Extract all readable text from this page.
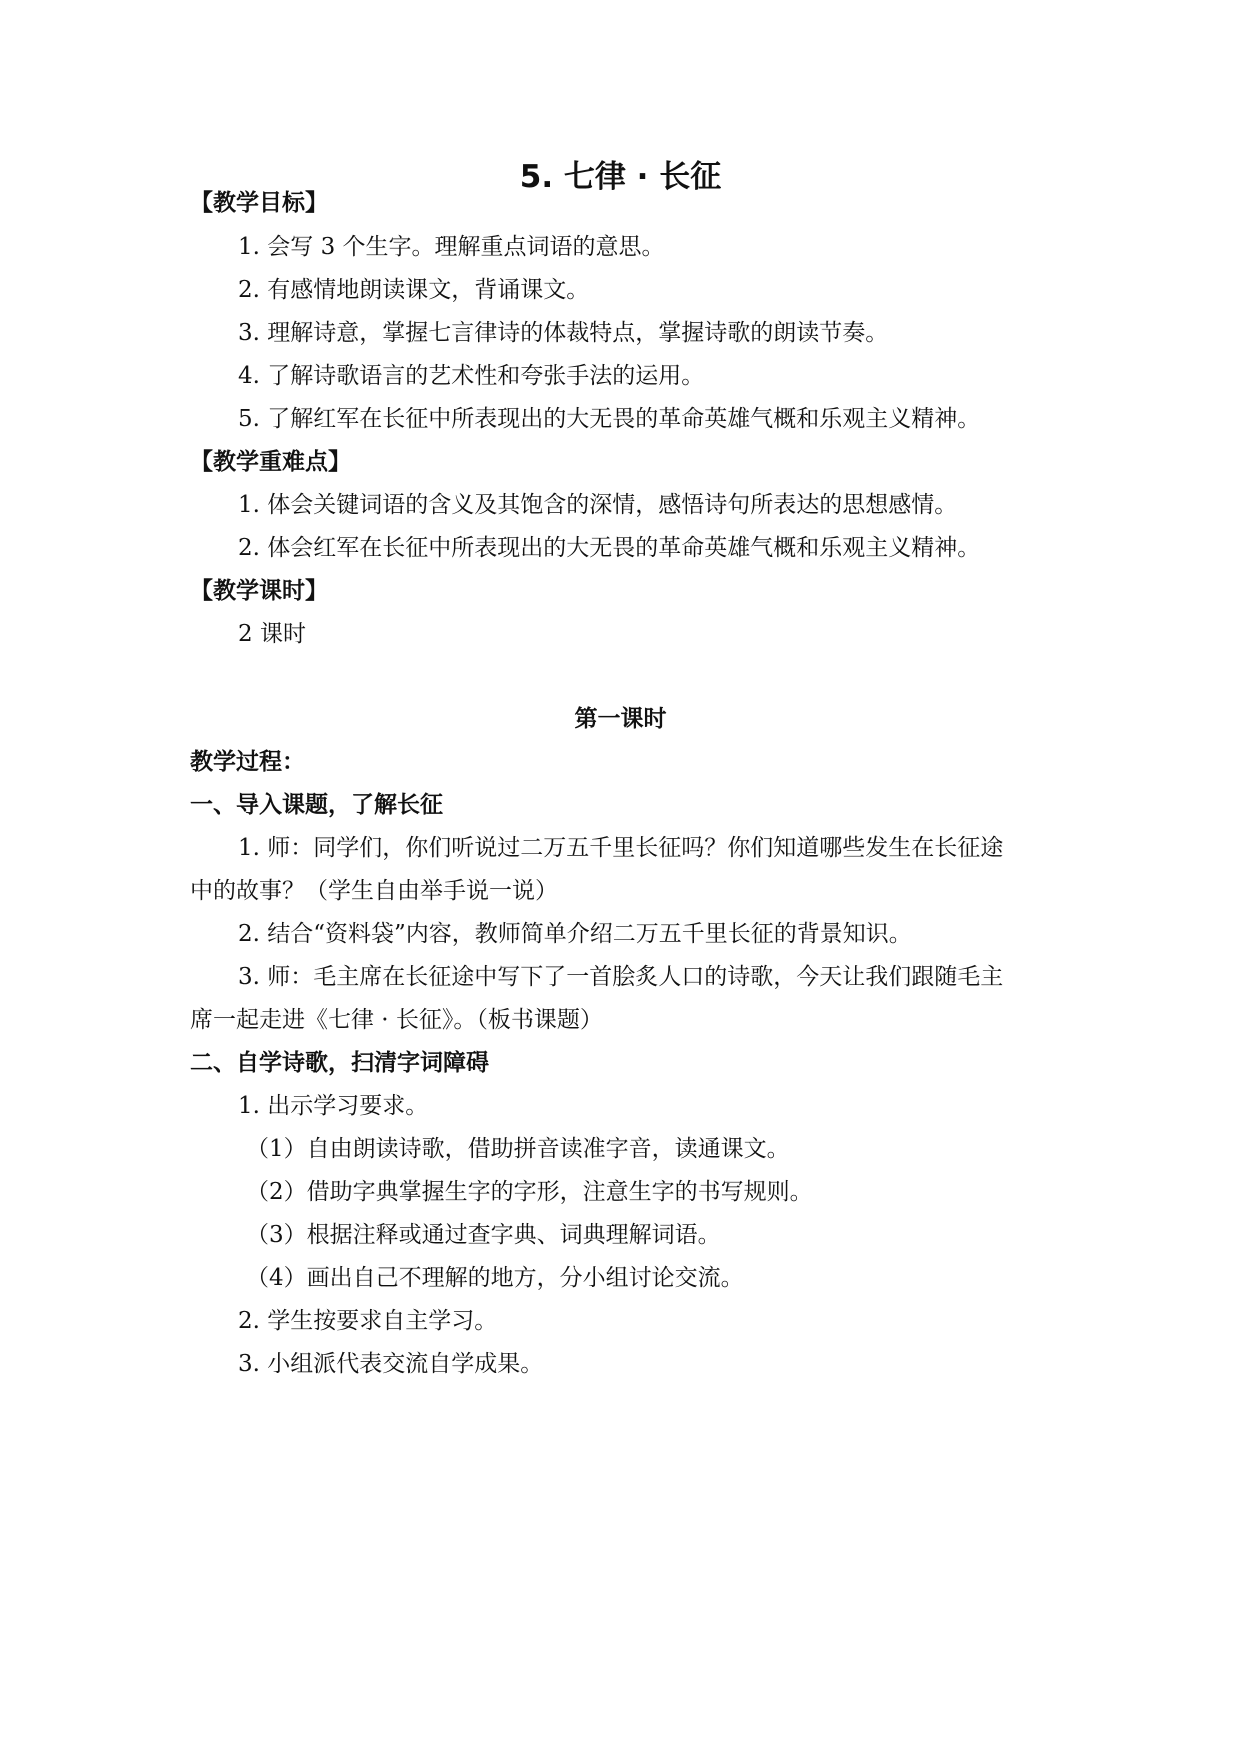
5. 七律 · 长征

【教学目标】

1. 会写 3 个生字。理解重点词语的意思。

2. 有感情地朗读课文，背诵课文。

3. 理解诗意，掌握七言律诗的体裁特点，掌握诗歌的朗读节奏。

4. 了解诗歌语言的艺术性和夸张手法的运用。

5. 了解红军在长征中所表现出的大无畏的革命英雄气概和乐观主义精神。

【教学重难点】

1. 体会关键词语的含义及其饱含的深情，感悟诗句所表达的思想感情。

2. 体会红军在长征中所表现出的大无畏的革命英雄气概和乐观主义精神。

【教学课时】

2 课时

第一课时

教学过程：

一、导入课题，了解长征

1. 师：同学们，你们听说过二万五千里长征吗？你们知道哪些发生在长征途

中的故事？（学生自由举手说一说）

2. 结合“资料袋”内容，教师简单介绍二万五千里长征的背景知识。

3. 师：毛主席在长征途中写下了一首脍炙人口的诗歌，今天让我们跟随毛主

席一起走进《七律 · 长征》。（板书课题）

二、自学诗歌，扫清字词障碍

1. 出示学习要求。

（1）自由朗读诗歌，借助拼音读准字音，读通课文。

（2）借助字典掌握生字的字形，注意生字的书写规则。

（3）根据注释或通过查字典、词典理解词语。

（4）画出自己不理解的地方，分小组讨论交流。

2. 学生按要求自主学习。

3. 小组派代表交流自学成果。
